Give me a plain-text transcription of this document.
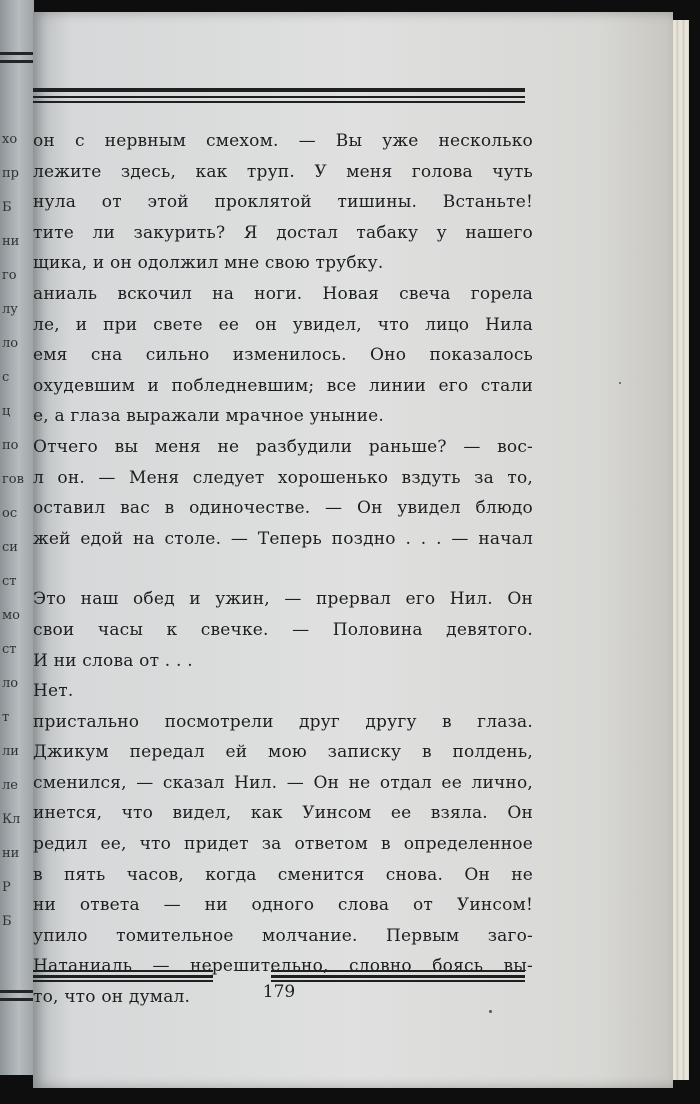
хо
пр
Б
ни
го
лу
ло
с
ц
по
гов
ос
си
ст
мо
ст
ло
т
ли
ле
Кл
ни
Р
Б
179
он с нервным смехом. — Вы уже несколько
лежите здесь, как труп. У меня голова чуть
нула от этой проклятой тишины. Встаньте!
тите ли закурить? Я достал табаку у нашего
щика, и он одолжил мне свою трубку.
аниаль вскочил на ноги. Новая свеча горела
ле, и при свете ее он увидел, что лицо Нила
емя сна сильно изменилось. Оно показалось
охудевшим и побледневшим; все линии его стали
е, а глаза выражали мрачное уныние.
Отчего вы меня не разбудили раньше? — вос-
л он. — Меня следует хорошенько вздуть за то,
оставил вас в одиночестве. — Он увидел блюдо
жей едой на столе. — Теперь поздно . . . — начал
Это наш обед и ужин, — прервал его Нил. Он
свои часы к свечке. — Половина девятого.
И ни слова от . . .
Нет.
пристально посмотрели друг другу в глаза.
Джикум передал ей мою записку в полдень,
сменился, — сказал Нил. — Он не отдал ее лично,
инется, что видел, как Уинсом ее взяла. Он
редил ее, что придет за ответом в определенное
в пять часов, когда сменится снова. Он не
ни ответа — ни одного слова от Уинсом!
упило томительное молчание. Первым заго-
Натаниаль — нерешительно, словно боясь вы-
то, что он думал.
